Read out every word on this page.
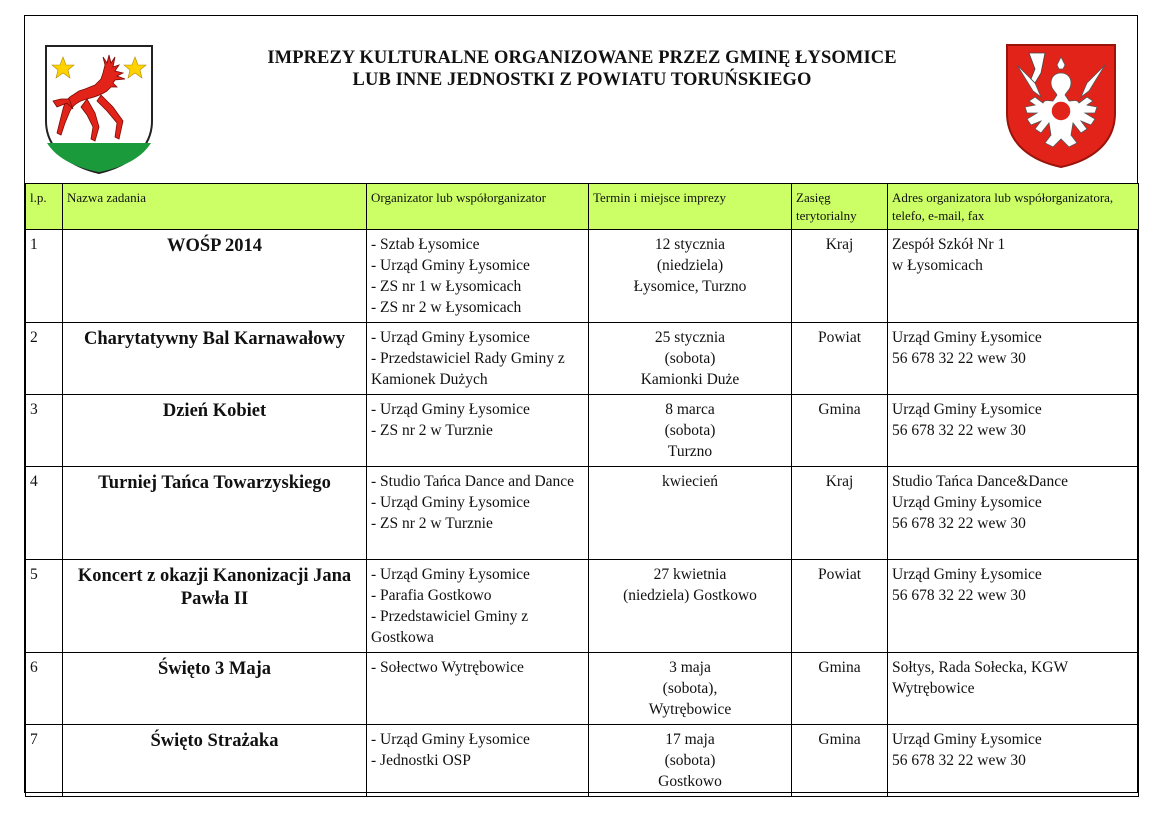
IMPREZY KULTURALNE ORGANIZOWANE PRZEZ GMINĘ ŁYSOMICE
LUB INNE JEDNOSTKI Z POWIATU TORUŃSKIEGO
l.p.	Nazwa zadania	Organizator lub współorganizator	Termin i miejsce imprezy	Zasięg terytorialny	Adres organizatora lub współorganizatora, telefo, e-mail, fax
1	WOŚP 2014	- Sztab Łysomice
- Urząd Gminy Łysomice
- ZS nr 1 w Łysomicach
- ZS nr 2 w Łysomicach	12 stycznia
(niedziela)
Łysomice, Turzno	Kraj	Zespół Szkół Nr 1
w Łysomicach

2	Charytatywny Bal Karnawałowy	- Urząd Gminy Łysomice
- Przedstawiciel Rady Gminy z Kamionek Dużych	25 stycznia
(sobota)
Kamionki Duże	Powiat	Urząd Gminy Łysomice
56 678 32 22 wew 30

3	Dzień Kobiet	- Urząd Gminy Łysomice
- ZS nr 2 w Turznie	8 marca
(sobota)
Turzno	Gmina	Urząd Gminy Łysomice
56 678 32 22 wew 30

4	Turniej Tańca Towarzyskiego	- Studio Tańca Dance and Dance
- Urząd Gminy Łysomice
- ZS nr 2 w Turznie	kwiecień	Kraj	Studio Tańca Dance&Dance
Urząd Gminy Łysomice
56 678 32 22 wew 30

5	Koncert z okazji Kanonizacji Jana Pawła II	- Urząd Gminy Łysomice
- Parafia Gostkowo
- Przedstawiciel Gminy z Gostkowa	27 kwietnia
(niedziela) Gostkowo	Powiat	Urząd Gminy Łysomice
56 678 32 22 wew 30

6	Święto 3 Maja	- Sołectwo Wytrębowice	3 maja
(sobota),
Wytrębowice	Gmina	Sołtys, Rada Sołecka, KGW Wytrębowice

7	Święto Strażaka	- Urząd Gminy Łysomice
- Jednostki OSP	17 maja
(sobota)
Gostkowo	Gmina	Urząd Gminy Łysomice
56 678 32 22 wew 30
